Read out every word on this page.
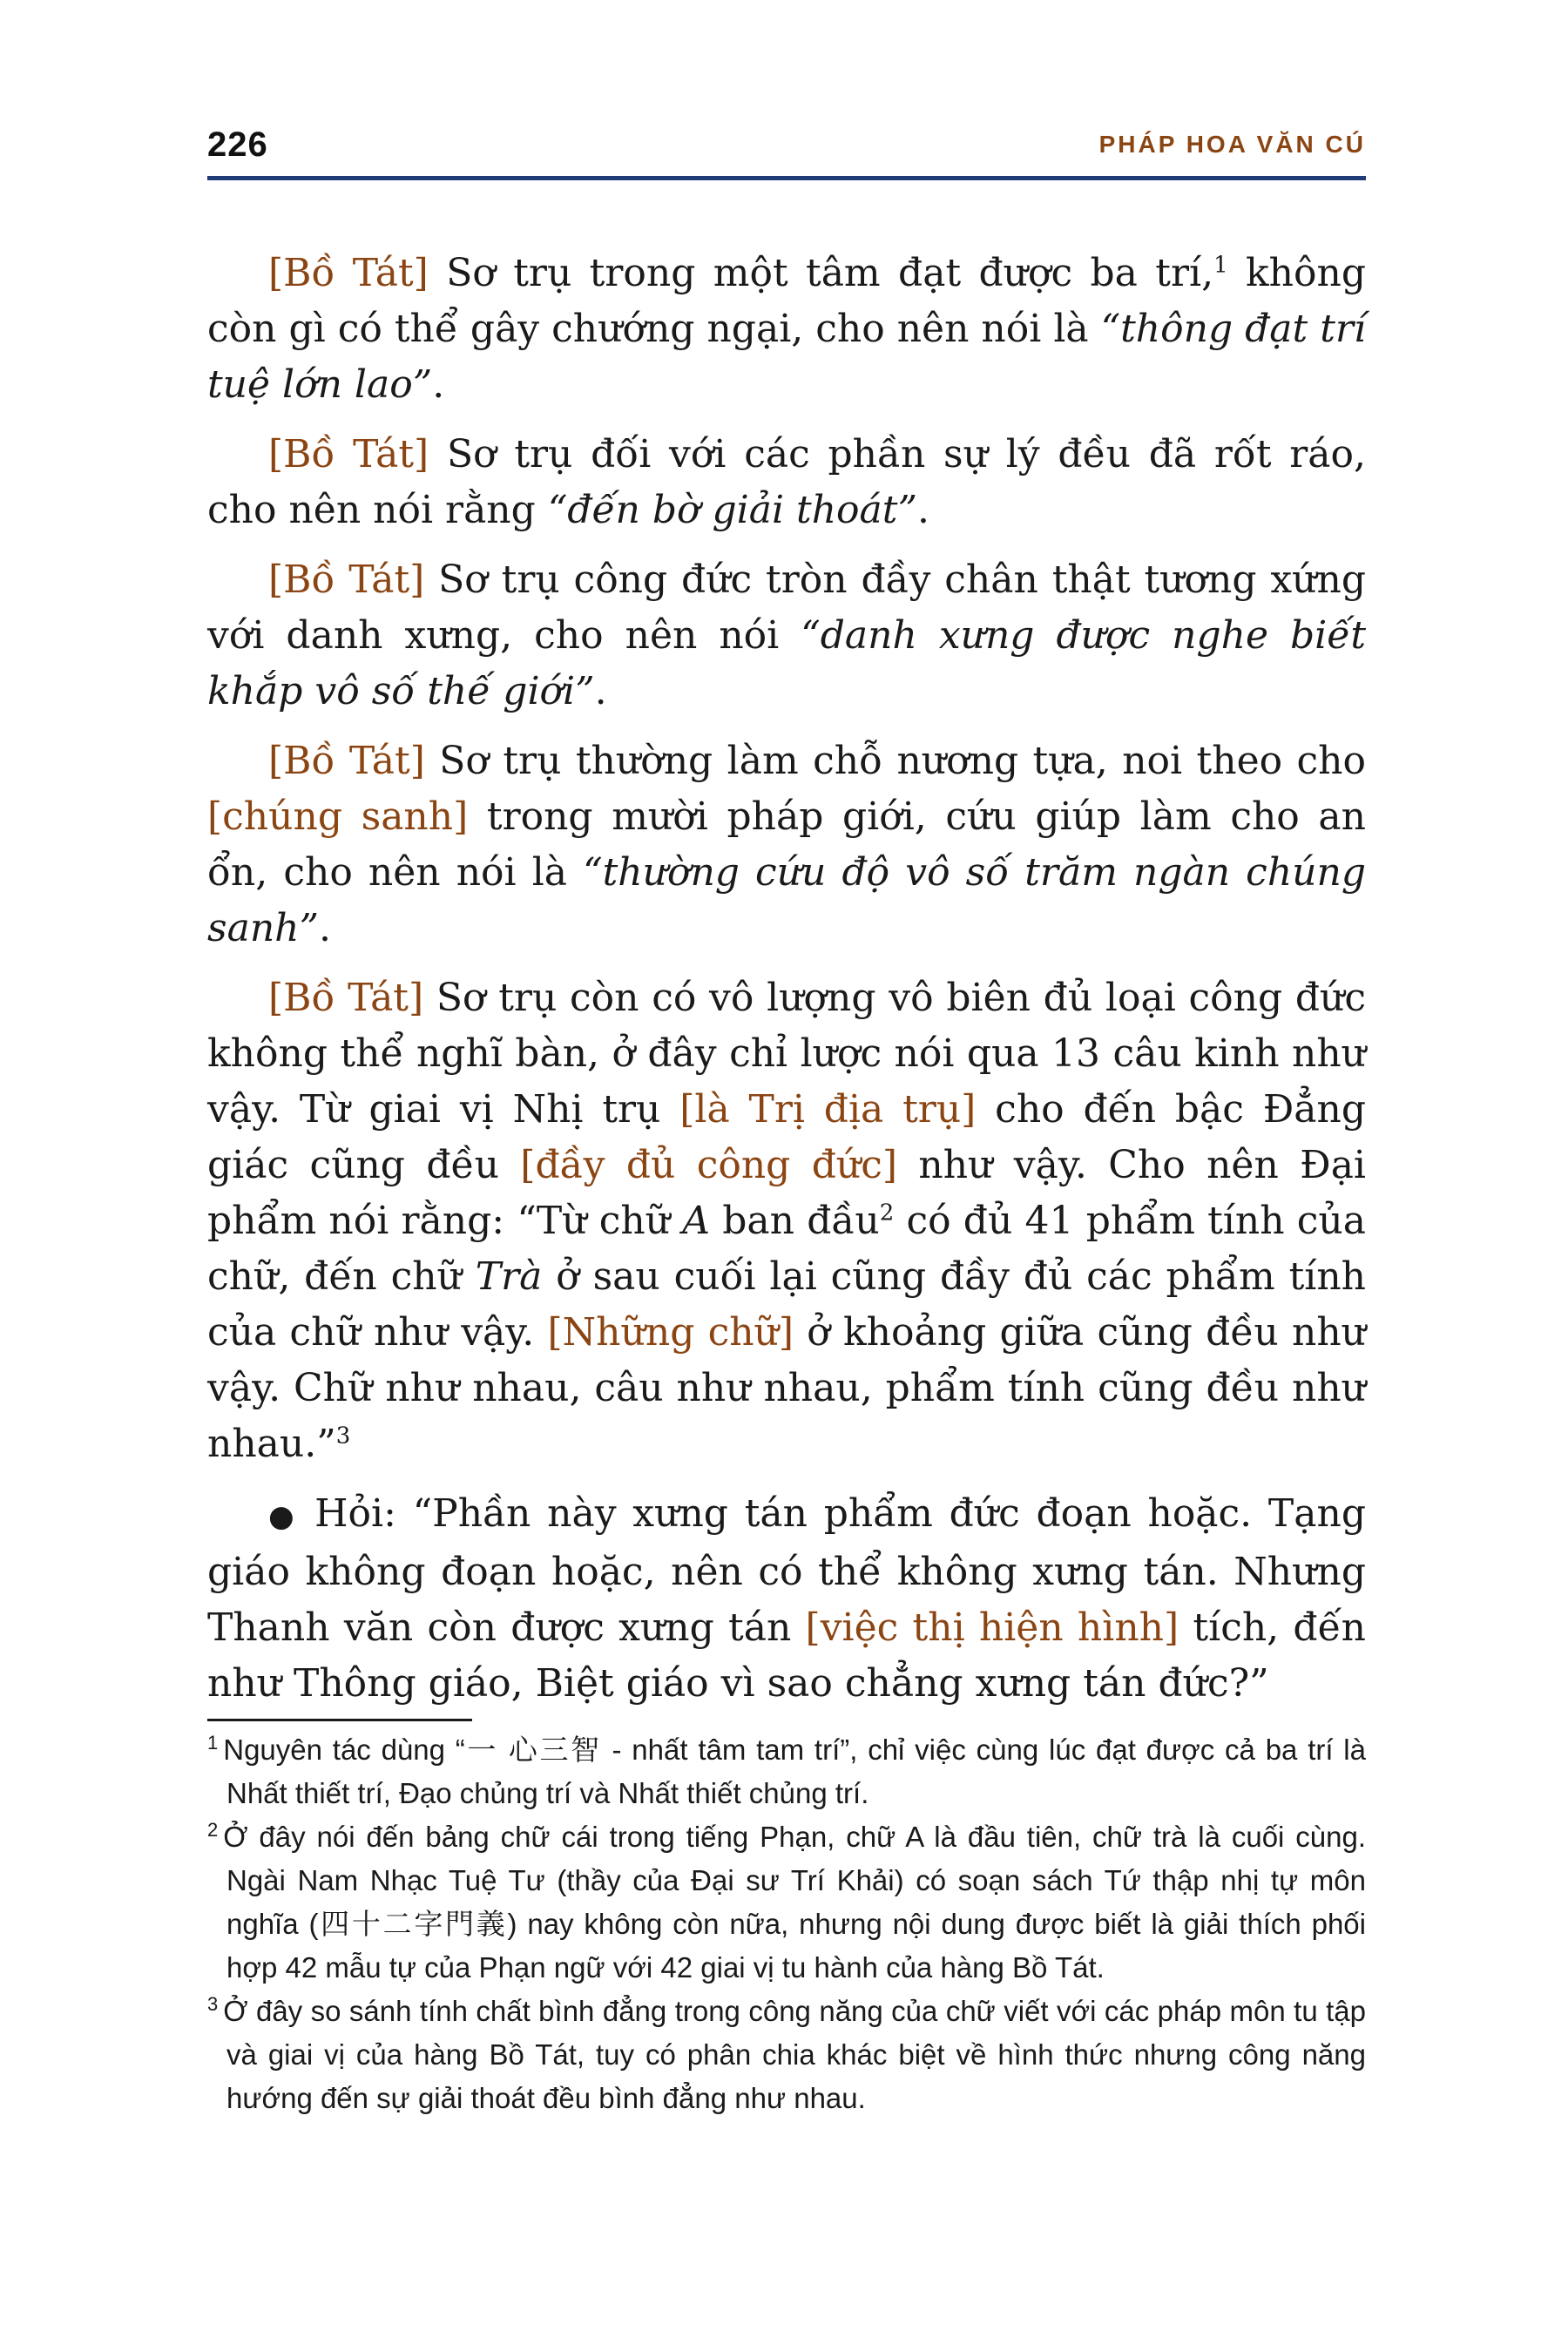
226	PHÁP HOA VĂN CÚ

[Bồ Tát] Sơ trụ trong một tâm đạt được ba trí,$^1$ không còn gì có thể gây chướng ngại, cho nên nói là “thông đạt trí tuệ lớn lao”.

[Bồ Tát] Sơ trụ đối với các phần sự lý đều đã rốt ráo, cho nên nói rằng “đến bờ giải thoát”.

[Bồ Tát] Sơ trụ công đức tròn đầy chân thật tương xứng với danh xưng, cho nên nói “danh xưng được nghe biết khắp vô số thế giới”.

[Bồ Tát] Sơ trụ thường làm chỗ nương tựa, noi theo cho [chúng sanh] trong mười pháp giới, cứu giúp làm cho an ổn, cho nên nói là “thường cứu độ vô số trăm ngàn chúng sanh”.

[Bồ Tát] Sơ trụ còn có vô lượng vô biên đủ loại công đức không thể nghĩ bàn, ở đây chỉ lược nói qua 13 câu kinh như vậy. Từ giai vị Nhị trụ [là Trị địa trụ] cho đến bậc Đẳng giác cũng đều [đầy đủ công đức] như vậy. Cho nên Đại phẩm nói rằng: “Từ chữ A ban đầu$^2$ có đủ 41 phẩm tính của chữ, đến chữ Trà ở sau cuối lại cũng đầy đủ các phẩm tính của chữ như vậy. [Những chữ] ở khoảng giữa cũng đều như vậy. Chữ như nhau, câu như nhau, phẩm tính cũng đều như nhau.”$^3$

● Hỏi: “Phần này xưng tán phẩm đức đoạn hoặc. Tạng giáo không đoạn hoặc, nên có thể không xưng tán. Nhưng Thanh văn còn được xưng tán [việc thị hiện hình] tích, đến như Thông giáo, Biệt giáo vì sao chẳng xưng tán đức?”

$^1$ Nguyên tác dùng “一 心三智 - nhất tâm tam trí”, chỉ việc cùng lúc đạt được cả ba trí là Nhất thiết trí, Đạo chủng trí và Nhất thiết chủng trí.
$^2$ Ở đây nói đến bảng chữ cái trong tiếng Phạn, chữ A là đầu tiên, chữ trà là cuối cùng. Ngài Nam Nhạc Tuệ Tư (thầy của Đại sư Trí Khải) có soạn sách Tứ thập nhị tự môn nghĩa (四十二字門義) nay không còn nữa, nhưng nội dung được biết là giải thích phối hợp 42 mẫu tự của Phạn ngữ với 42 giai vị tu hành của hàng Bồ Tát.
$^3$ Ở đây so sánh tính chất bình đẳng trong công năng của chữ viết với các pháp môn tu tập và giai vị của hàng Bồ Tát, tuy có phân chia khác biệt về hình thức nhưng công năng hướng đến sự giải thoát đều bình đẳng như nhau.
